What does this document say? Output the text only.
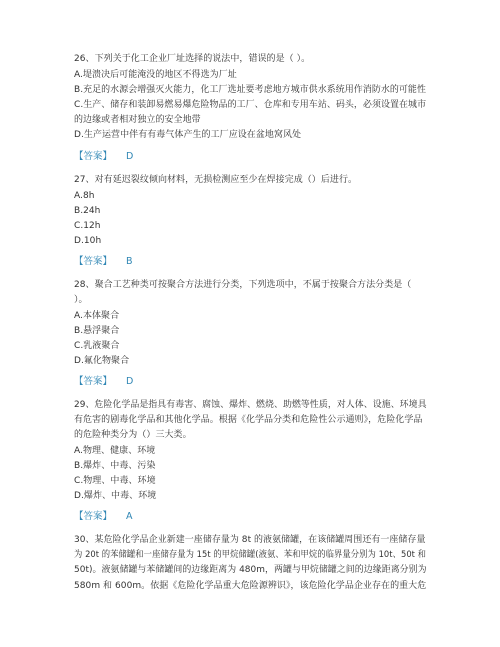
26、下列关于化工企业厂址选择的说法中，错误的是（ ）。
A.堤溃决后可能淹没的地区不得选为厂址
B.充足的水源会增强灭火能力，化工厂选址要考虑地方城市供水系统用作消防水的可能性
C.生产、储存和装卸易燃易爆危险物品的工厂、仓库和专用车站、码头，必须设置在城市
的边缘或者相对独立的安全地带
D.生产运营中伴有有毒气体产生的工厂应设在盆地窝风处
【答案】 D
27、对有延迟裂纹倾向材料，无损检测应至少在焊接完成（）后进行。
A.8h
B.24h
C.12h
D.10h
【答案】 B
28、聚合工艺种类可按聚合方法进行分类，下列选项中，不属于按聚合方法分类是（
）。
A.本体聚合
B.悬浮聚合
C.乳液聚合
D.氟化物聚合
【答案】 D
29、危险化学品是指具有毒害、腐蚀、爆炸、燃烧、助燃等性质，对人体、设施、环境具
有危害的剧毒化学品和其他化学品。根据《化学品分类和危险性公示通则》，危险化学品
的危险种类分为（）三大类。
A.物理、健康、环境
B.爆炸、中毒、污染
C.物理、中毒、环境
D.爆炸、中毒、环境
【答案】 A
30、某危险化学品企业新建一座储存量为 8t 的液氨储罐，在该储罐周围还有一座储存量
为 20t 的苯储罐和一座储存量为 15t 的甲烷储罐(液氨、苯和甲烷的临界量分别为 10t、50t 和
50t)。液氨储罐与苯储罐间的边缘距离为 480m，两罐与甲烷储罐之间的边缘距离分别为
580m 和 600m。依据《危险化学品重大危险源辨识》，该危险化学品企业存在的重大危
